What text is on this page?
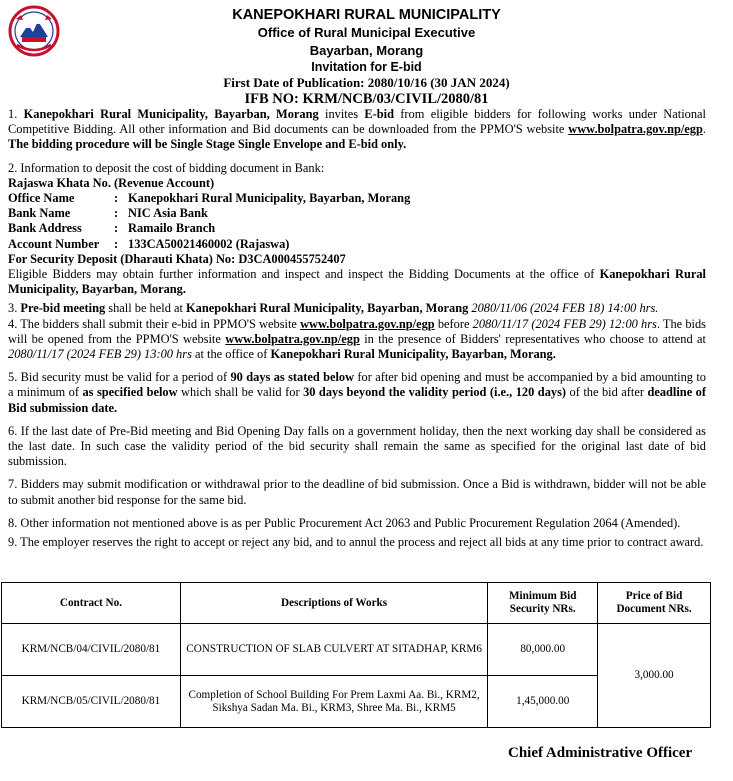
KANEPOKHARI RURAL MUNICIPALITY
Office of Rural Municipal Executive
Bayarban, Morang
Invitation for E-bid
First Date of Publication: 2080/10/16 (30 JAN 2024)
IFB NO: KRM/NCB/03/CIVIL/2080/81

1. Kanepokhari Rural Municipality, Bayarban, Morang invites E-bid from eligible bidders for following works under National Competitive Bidding. All other information and Bid documents can be downloaded from the PPMO'S website www.bolpatra.gov.np/egp. The bidding procedure will be Single Stage Single Envelope and E-bid only.

2. Information to deposit the cost of bidding document in Bank:

Rajaswa Khata No. (Revenue Account)

Office Name	: Kanepokhari Rural Municipality, Bayarban, Morang
Bank Name	: NIC Asia Bank
Bank Address	: Ramailo Branch
Account Number	: 133CA50021460002 (Rajaswa)

For Security Deposit (Dharauti Khata) No: D3CA000455752407

Eligible Bidders may obtain further information and inspect and inspect the Bidding Documents at the office of Kanepokhari Rural Municipality, Bayarban, Morang.

3. Pre-bid meeting shall be held at Kanepokhari Rural Municipality, Bayarban, Morang 2080/11/06 (2024 FEB 18) 14:00 hrs.

4. The bidders shall submit their e-bid in PPMO'S website www.bolpatra.gov.np/egp before 2080/11/17 (2024 FEB 29) 12:00 hrs. The bids will be opened from the PPMO'S website www.bolpatra.gov.np/egp in the presence of Bidders' representatives who choose to attend at 2080/11/17 (2024 FEB 29) 13:00 hrs at the office of Kanepokhari Rural Municipality, Bayarban, Morang.

5. Bid security must be valid for a period of 90 days as stated below for after bid opening and must be accompanied by a bid amounting to a minimum of as specified below which shall be valid for 30 days beyond the validity period (i.e., 120 days) of the bid after deadline of Bid submission date.

6. If the last date of Pre-Bid meeting and Bid Opening Day falls on a government holiday, then the next working day shall be considered as the last date. In such case the validity period of the bid security shall remain the same as specified for the original last date of bid submission.

7. Bidders may submit modification or withdrawal prior to the deadline of bid submission. Once a Bid is withdrawn, bidder will not be able to submit another bid response for the same bid.

8. Other information not mentioned above is as per Public Procurement Act 2063 and Public Procurement Regulation 2064 (Amended).

9. The employer reserves the right to accept or reject any bid, and to annul the process and reject all bids at any time prior to contract award.

Contract No.	Descriptions of Works	Minimum Bid Security NRs.	Price of Bid Document NRs.
KRM/NCB/04/CIVIL/2080/81	CONSTRUCTION OF SLAB CULVERT AT SITADHAP, KRM6	80,000.00	3,000.00
KRM/NCB/05/CIVIL/2080/81	Completion of School Building For Prem Laxmi Aa. Bi., KRM2, Sikshya Sadan Ma. Bi., KRM3, Shree Ma. Bi., KRM5	1,45,000.00	
Chief Administrative Officer
